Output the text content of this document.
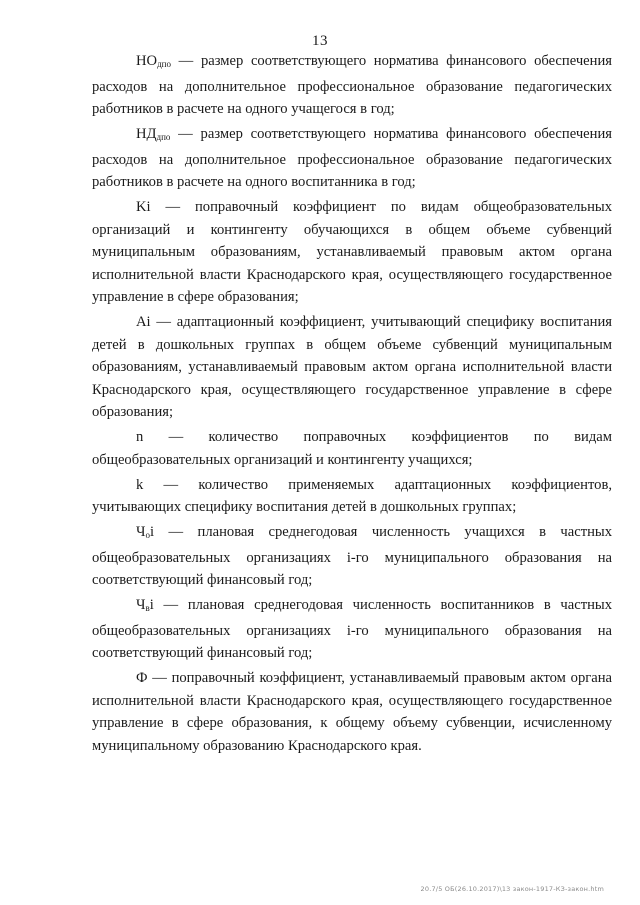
13

$НО_{дпо}$ — размер соответствующего норматива финансового обеспечения расходов на дополнительное профессиональное образование педагогических работников в расчете на одного учащегося в год;

$НД_{дпо}$ — размер соответствующего норматива финансового обеспечения расходов на дополнительное профессиональное образование педагогических работников в расчете на одного воспитанника в год;

Ki — поправочный коэффициент по видам общеобразовательных организаций и контингенту обучающихся в общем объеме субвенций муниципальным образованиям, устанавливаемый правовым актом органа исполнительной власти Краснодарского края, осуществляющего государственное управление в сфере образования;

Ai — адаптационный коэффициент, учитывающий специфику воспитания детей в дошкольных группах в общем объеме субвенций муниципальным образованиям, устанавливаемый правовым актом органа исполнительной власти Краснодарского края, осуществляющего государственное управление в сфере образования;

n — количество поправочных коэффициентов по видам общеобразовательных организаций и контингенту учащихся;

k — количество применяемых адаптационных коэффициентов, учитывающих специфику воспитания детей в дошкольных группах;

$Ч_оi$ — плановая среднегодовая численность учащихся в частных общеобразовательных организациях i-го муниципального образования на соответствующий финансовый год;

$Ч_вi$ — плановая среднегодовая численность воспитанников в частных общеобразовательных организациях i-го муниципального образования на соответствующий финансовый год;

Ф — поправочный коэффициент, устанавливаемый правовым актом органа исполнительной власти Краснодарского края, осуществляющего государственное управление в сфере образования, к общему объему субвенции, исчисленному муниципальному образованию Краснодарского края.

20.7/5 ОБ(26.10.2017)\13 закон-1917-КЗ-закон.htm
